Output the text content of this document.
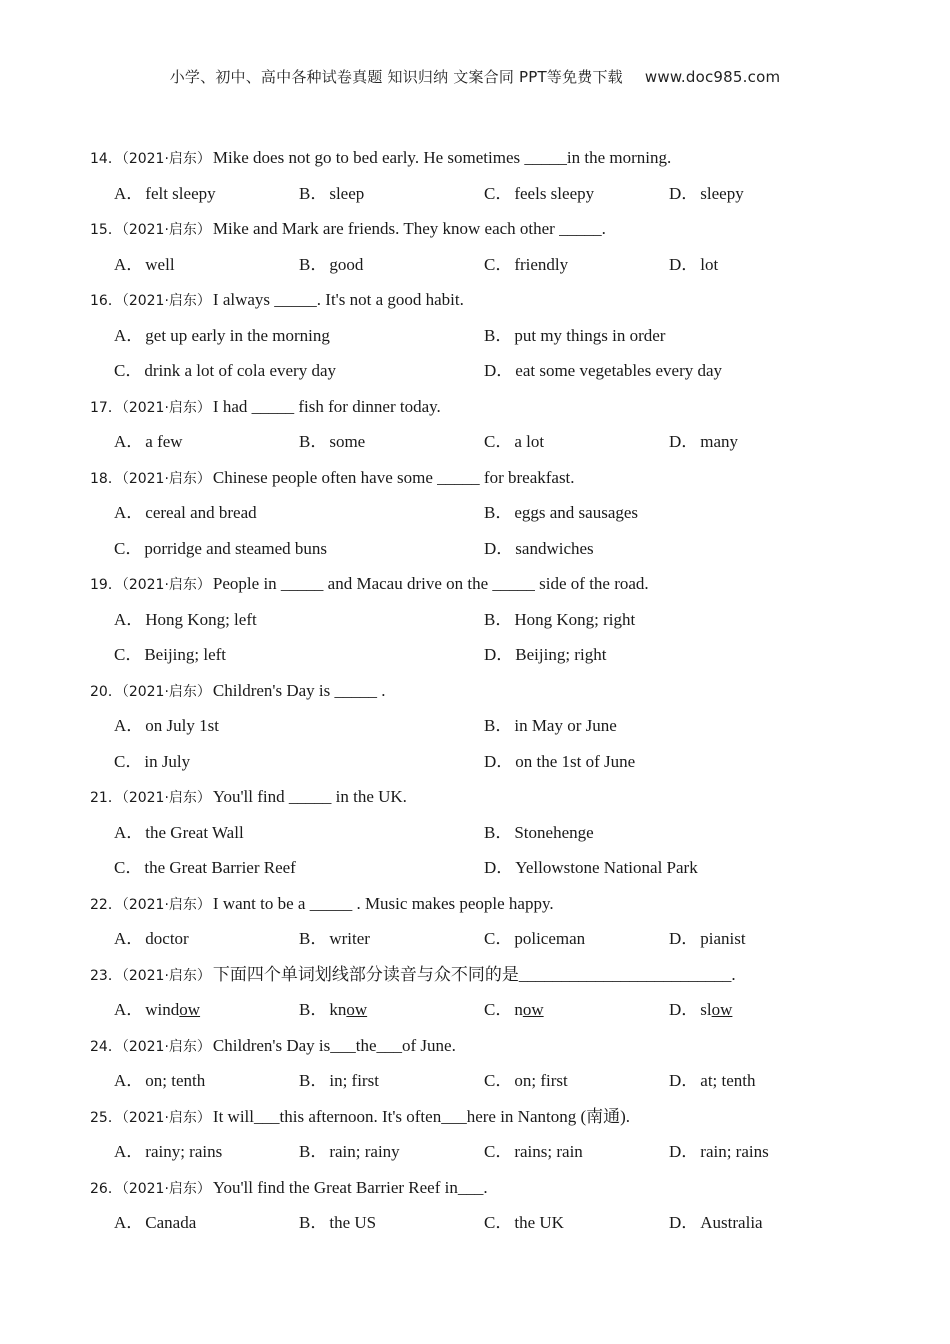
小学、初中、高中各种试卷真题 知识归纳 文案合同 PPT等免费下载 www.doc985.com
14．（2021·启东） Mike does not go to bed early. He sometimes _____in the morning.
A． felt sleepy	B． sleep	C． feels sleepy	D． sleepy
15．（2021·启东） Mike and Mark are friends. They know each other _____.
A． well	B． good	C． friendly	D． lot
16．（2021·启东） I always _____. It's not a good habit.
A． get up early in the morning	B． put my things in order
C． drink a lot of cola every day	D． eat some vegetables every day
17．（2021·启东） I had _____ fish for dinner today.
A． a few	B． some	C． a lot	D． many
18．（2021·启东） Chinese people often have some _____ for breakfast.
A． cereal and bread	B． eggs and sausages
C． porridge and steamed buns	D． sandwiches
19．（2021·启东） People in _____ and Macau drive on the _____ side of the road.
A． Hong Kong; left	B． Hong Kong; right
C． Beijing; left	D． Beijing; right
20．（2021·启东） Children's Day is _____ .
A． on July 1st	B． in May or June
C． in July	D． on the 1st of June
21．（2021·启东） You'll find _____ in the UK.
A． the Great Wall	B． Stonehenge
C． the Great Barrier Reef	D． Yellowstone National Park
22．（2021·启东） I want to be a _____ . Music makes people happy.
A． doctor	B． writer	C． policeman	D． pianist
23．（2021·启东） 下面四个单词划线部分读音与众不同的是_________________________.
A． window	B． know	C． now	D． slow
24．（2021·启东） Children's Day is___the___of June.
A． on; tenth	B． in; first	C． on; first	D． at; tenth
25．（2021·启东） It will___this afternoon. It's often___here in Nantong (南通).
A． rainy; rains	B． rain; rainy	C． rains; rain	D． rain; rains
26．（2021·启东） You'll find the Great Barrier Reef in___.
A． Canada	B． the US	C． the UK	D． Australia
